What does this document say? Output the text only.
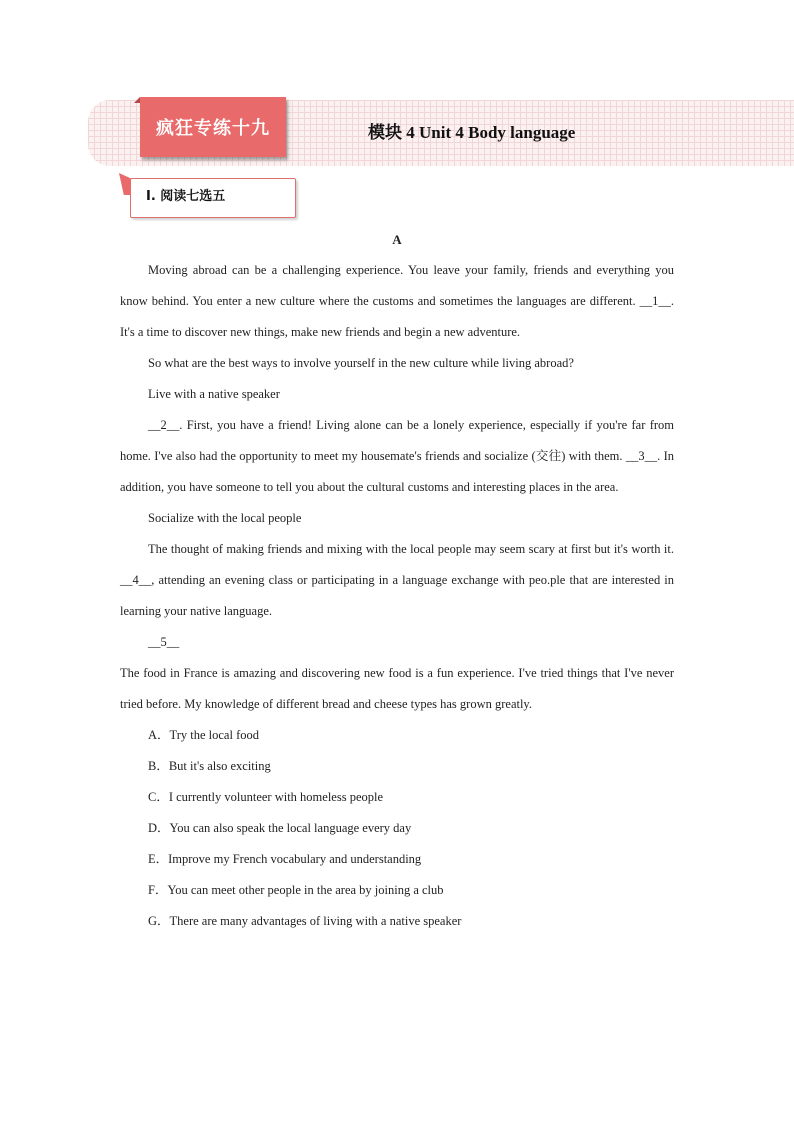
疯狂专练十九	模块 4 Unit 4 Body language
Ⅰ. 阅读七选五

A

Moving abroad can be a challenging experience. You leave your family, friends and everything you know behind. You enter a new culture where the customs and sometimes the languages are different. __1__. It's a time to discover new things, make new friends and begin a new adventure.

So what are the best ways to involve yourself in the new culture while living abroad?

Live with a native speaker

__2__. First, you have a friend! Living alone can be a lonely experience, especially if you're far from home. I've also had the opportunity to meet my housemate's friends and socialize (交往) with them. __3__. In addition, you have someone to tell you about the cultural customs and interesting places in the area.

Socialize with the local people

The thought of making friends and mixing with the local people may seem scary at first but it's worth it. __4__, attending an evening class or participating in a language exchange with peo.ple that are interested in learning your native language.

__5__

The food in France is amazing and discovering new food is a fun experience. I've tried things that I've never tried before. My knowledge of different bread and cheese types has grown greatly.

A．Try the local food

B．But it's also exciting

C．I currently volunteer with homeless people

D．You can also speak the local language every day

E．Improve my French vocabulary and understanding

F．You can meet other people in the area by joining a club

G．There are many advantages of living with a native speaker
